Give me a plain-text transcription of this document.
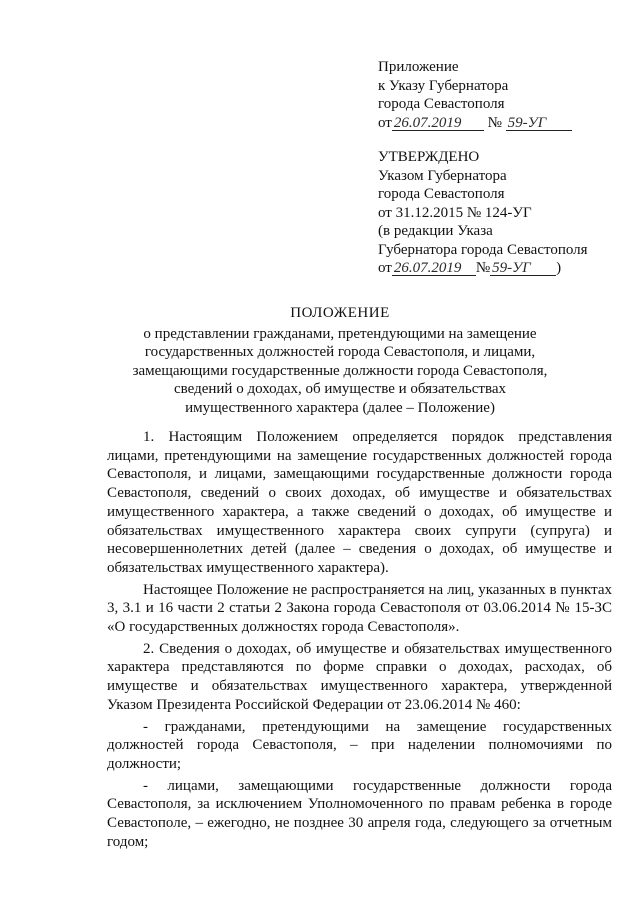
Приложение
к Указу Губернатора
города Севастополя
от 26.07.2019 № 59-УГ
УТВЕРЖДЕНО
Указом Губернатора
города Севастополя
от 31.12.2015 № 124-УГ
(в редакции Указа
Губернатора города Севастополя
от 26.07.2019 № 59-УГ )
ПОЛОЖЕНИЕ
о представлении гражданами, претендующими на замещение
государственных должностей города Севастополя, и лицами,
замещающими государственные должности города Севастополя,
сведений о доходах, об имуществе и обязательствах
имущественного характера (далее – Положение)

1. Настоящим Положением определяется порядок представления лицами, претендующими на замещение государственных должностей города Севастополя, и лицами, замещающими государственные должности города Севастополя, сведений о своих доходах, об имуществе и обязательствах имущественного характера, а также сведений о доходах, об имуществе и обязательствах имущественного характера своих супруги (супруга) и несовершеннолетних детей (далее – сведения о доходах, об имуществе и обязательствах имущественного характера).

Настоящее Положение не распространяется на лиц, указанных в пунктах 3, 3.1 и 16 части 2 статьи 2 Закона города Севастополя от 03.06.2014 № 15-ЗС «О государственных должностях города Севастополя».

2. Сведения о доходах, об имуществе и обязательствах имущественного характера представляются по форме справки о доходах, расходах, об имуществе и обязательствах имущественного характера, утвержденной Указом Президента Российской Федерации от 23.06.2014 № 460:

- гражданами, претендующими на замещение государственных должностей города Севастополя, – при наделении полномочиями по должности;

- лицами, замещающими государственные должности города Севастополя, за исключением Уполномоченного по правам ребенка в городе Севастополе, – ежегодно, не позднее 30 апреля года, следующего за отчетным годом;
